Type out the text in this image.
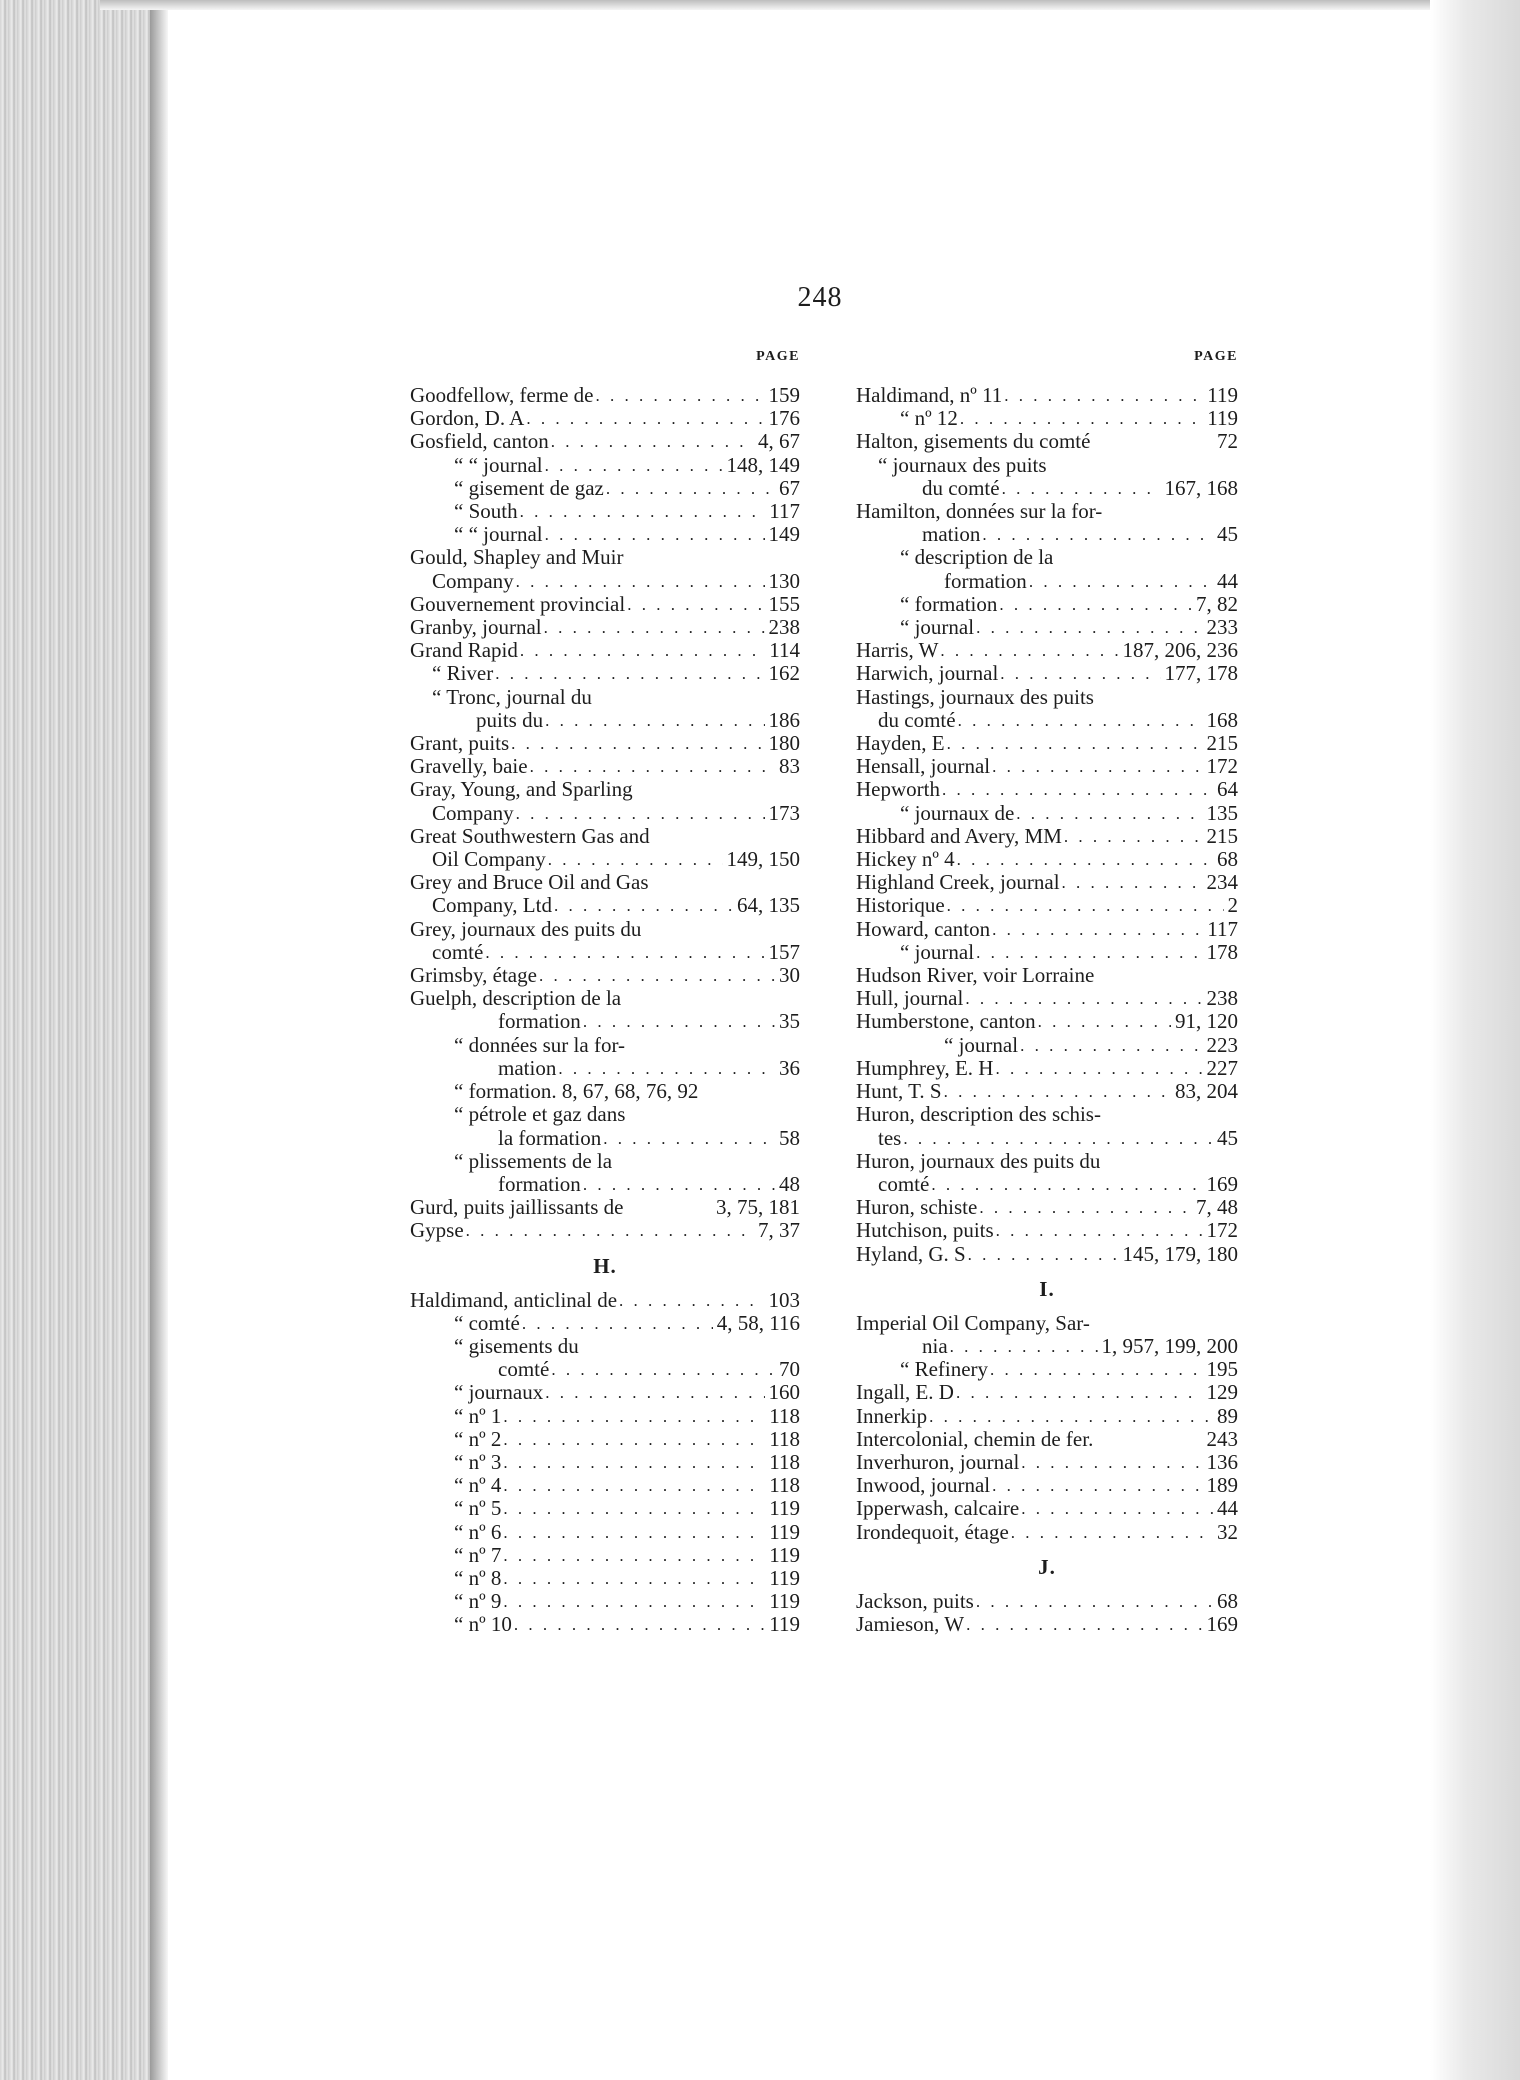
248
PAGE
Goodfellow, ferme de . . .	159
Gordon, D. A . . .	176
Gosfield, canton . . .	4, 67
“ “ journal . . .	148, 149
“ gisement de gaz . . .	67
“ South . . .	117
“ “ journal . . .	149
Gould, Shapley and Muir
Company . . .	130
Gouvernement provincial . . .	155
Granby, journal . . .	238
Grand Rapid . . .	114
“ River . . .	162
“ Tronc, journal du
puits du . . .	186
Grant, puits . . .	180
Gravelly, baie . . .	83
Gray, Young, and Sparling
Company . . .	173
Great Southwestern Gas and
Oil Company . . .	149, 150
Grey and Bruce Oil and Gas
Company, Ltd . . .	64, 135
Grey, journaux des puits du
comté . . .	157
Grimsby, étage . . .	30
Guelph, description de la
formation . . .	35
“ données sur la for-
mation . . .	36
“ formation. 8, 67, 68, 76, 92
“ pétrole et gaz dans
la formation . . .	58
“ plissements de la
formation . . .	48
Gurd, puits jaillissants de	3, 75, 181
Gypse . . .	7, 37
H.
Haldimand, anticlinal de . . .	103
“ comté . . .	4, 58, 116
“ gisements du
comté . . .	70
“ journaux . . .	160
“ nº 1 . . .	118
“ nº 2 . . .	118
“ nº 3 . . .	118
“ nº 4 . . .	118
“ nº 5 . . .	119
“ nº 6 . . .	119
“ nº 7 . . .	119
“ nº 8 . . .	119
“ nº 9 . . .	119
“ nº 10 . . .	119
PAGE
Haldimand, nº 11 . . .	119
“ nº 12 . . .	119
Halton, gisements du comté	72
“ journaux des puits
du comté . . .	167, 168
Hamilton, données sur la for-
mation . . .	45
“ description de la
formation . . .	44
“ formation . . .	7, 82
“ journal . . .	233
Harris, W . . .	187, 206, 236
Harwich, journal . . .	177, 178
Hastings, journaux des puits
du comté . . .	168
Hayden, E . . .	215
Hensall, journal . . .	172
Hepworth . . .	64
“ journaux de . . .	135
Hibbard and Avery, MM . . .	215
Hickey nº 4 . . .	68
Highland Creek, journal . . .	234
Historique . . .	2
Howard, canton . . .	117
“ journal . . .	178
Hudson River, voir Lorraine
Hull, journal . . .	238
Humberstone, canton . . .	91, 120
“ journal . . .	223
Humphrey, E. H . . .	227
Hunt, T. S . . .	83, 204
Huron, description des schis-
tes . . .	45
Huron, journaux des puits du
comté . . .	169
Huron, schiste . . .	7, 48
Hutchison, puits . . .	172
Hyland, G. S . . .	145, 179, 180
I.
Imperial Oil Company, Sar-
nia . . .	1, 957, 199, 200
“ Refinery . . .	195
Ingall, E. D . . .	129
Innerkip . . .	89
Intercolonial, chemin de fer.	243
Inverhuron, journal . . .	136
Inwood, journal . . .	189
Ipperwash, calcaire . . .	44
Irondequoit, étage . . .	32
J.
Jackson, puits . . .	68
Jamieson, W . . .	169
